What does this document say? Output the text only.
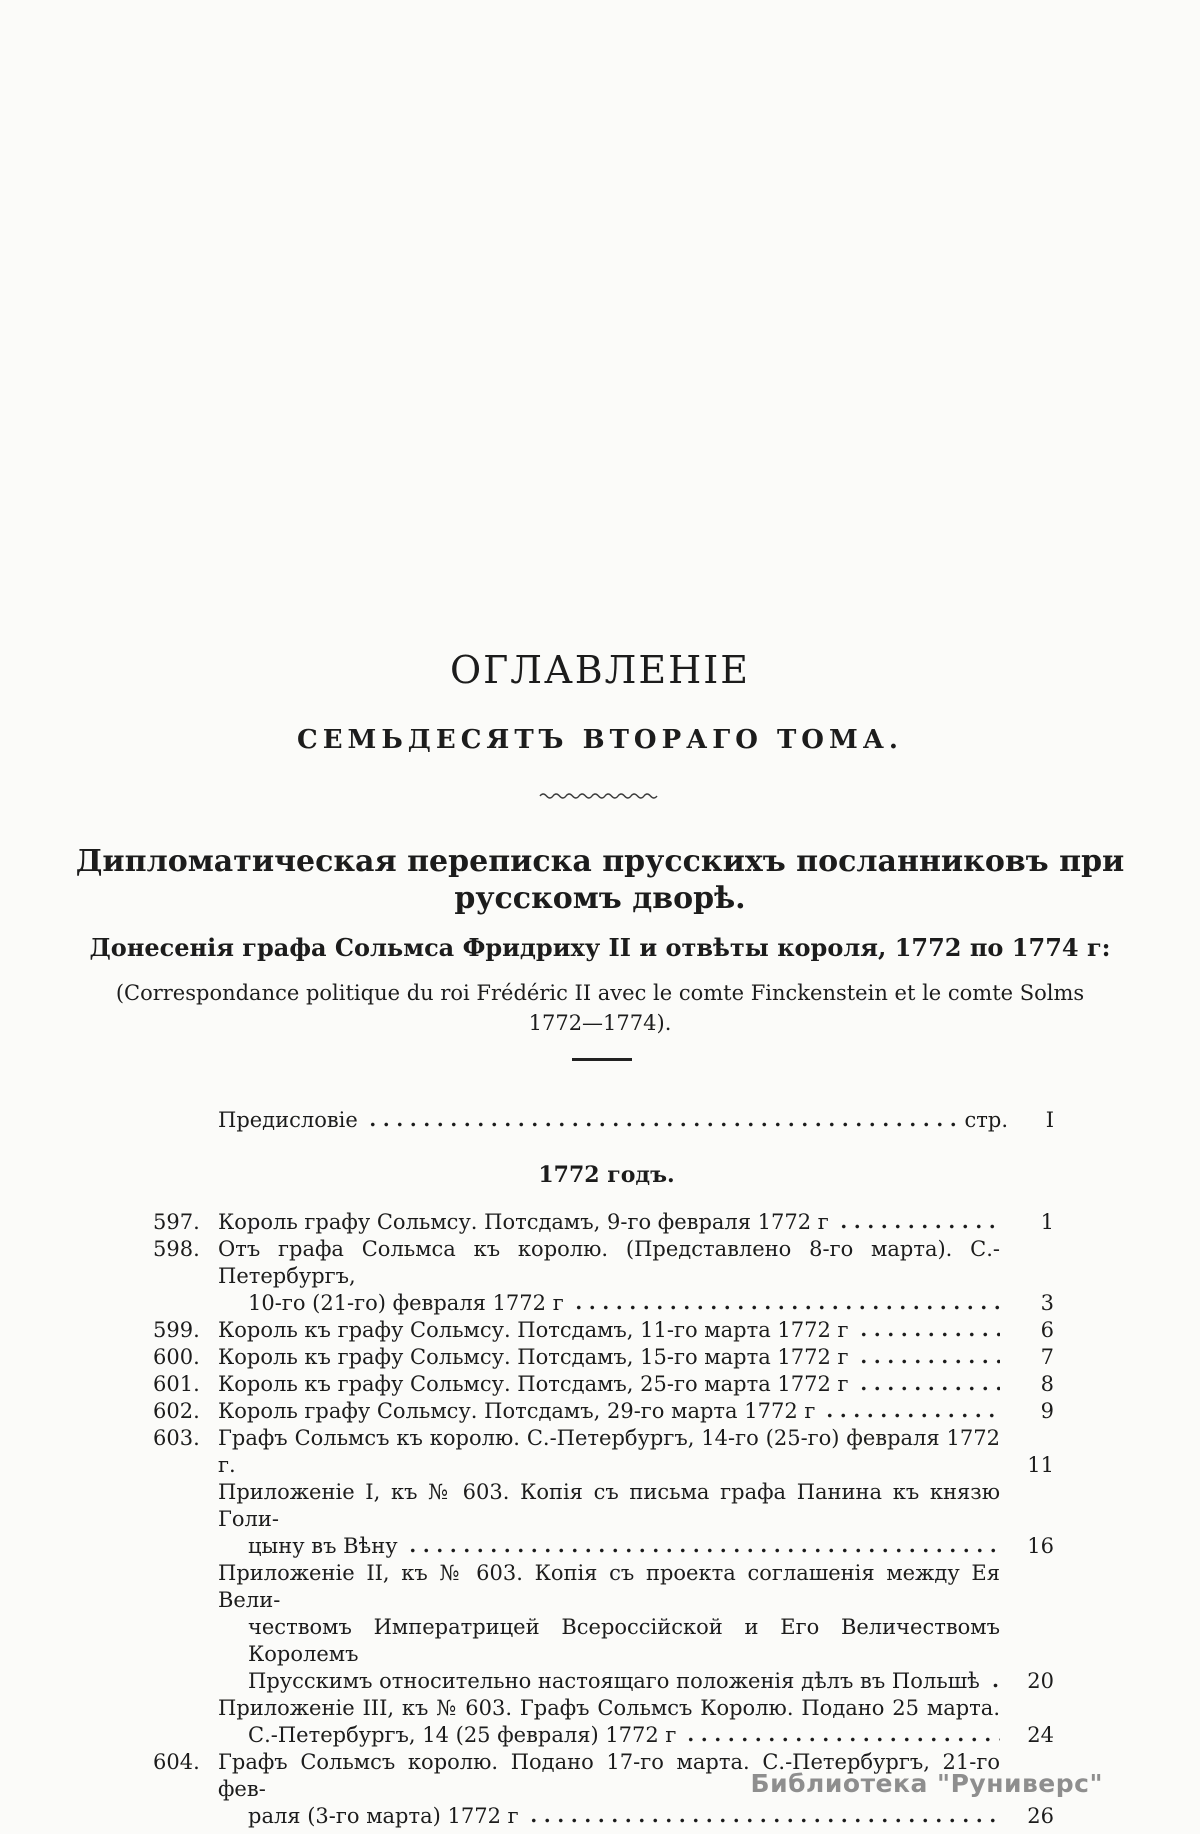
ОГЛАВЛЕНІЕ
СЕМЬДЕСЯТЪ ВТОРАГО ТОМА.
Дипломатическая переписка прусскихъ посланниковъ при
русскомъ дворѣ.
Донесенія графа Сольмса Фридриху II и отвѣты короля, 1772 по 1774 г:
(Correspondance politique du roi Frédéric II avec le comte Finckenstein et le comte Solms
1772—1774).
Предисловіе	стр.	I
1772 годъ.
597. Король графу Сольмсу. Потсдамъ, 9-го февраля 1772 г	1
598. Отъ графа Сольмса къ королю. (Представлено 8-го марта). С.-Петербургъ,
10-го (21-го) февраля 1772 г	3
599. Король къ графу Сольмсу. Потсдамъ, 11-го марта 1772 г	6
600. Король къ графу Сольмсу. Потсдамъ, 15-го марта 1772 г	7
601. Король къ графу Сольмсу. Потсдамъ, 25-го марта 1772 г	8
602. Король графу Сольмсу. Потсдамъ, 29-го марта 1772 г	9
603. Графъ Сольмсъ къ королю. С.-Петербургъ, 14-го (25-го) февраля 1772 г.	11
Приложеніе I, къ № 603. Копія съ письма графа Панина къ князю Голи-
цыну въ Вѣну	16
Приложеніе II, къ № 603. Копія съ проекта соглашенія между Ея Вели-
чествомъ Императрицей Всероссійской и Его Величествомъ Королемъ
Прусскимъ относительно настоящаго положенія дѣлъ въ Польшѣ	20
Приложеніе III, къ № 603. Графъ Сольмсъ Королю. Подано 25 марта.
С.-Петербургъ, 14 (25 февраля) 1772 г	24
604. Графъ Сольмсъ королю. Подано 17-го марта. С.-Петербургъ, 21-го фев-
раля (3-го марта) 1772 г	26
Библиотека "Руниверс"
